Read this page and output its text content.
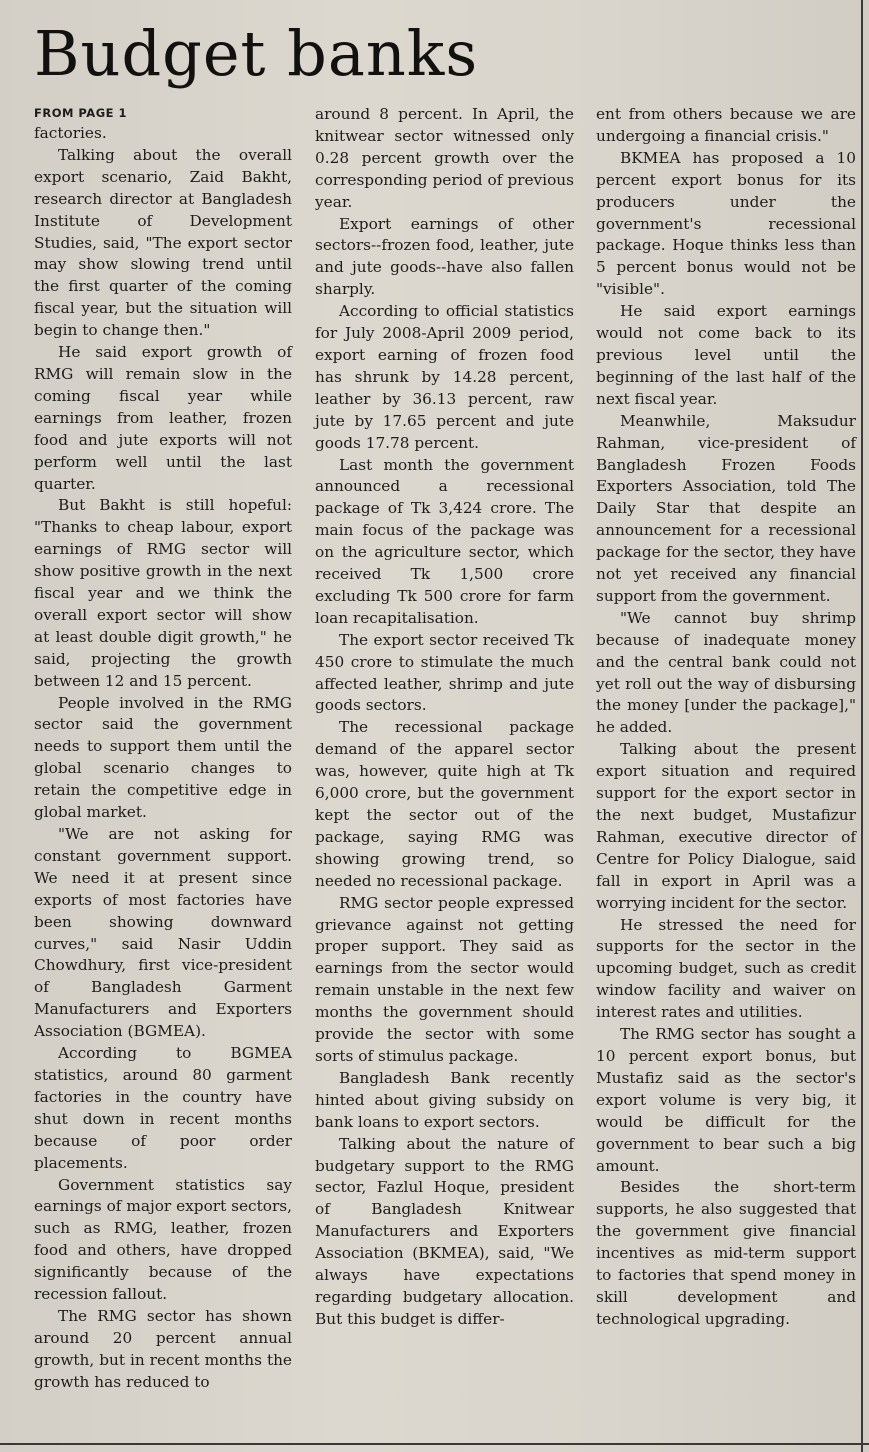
Budget banks
FROM PAGE 1

factories.

Talking about the overall export scenario, Zaid Bakht, research director at Bangladesh Institute of Development Studies, said, "The export sector may show slowing trend until the first quarter of the coming fiscal year, but the situation will begin to change then."

He said export growth of RMG will remain slow in the coming fiscal year while earnings from leather, frozen food and jute exports will not perform well until the last quarter.

But Bakht is still hopeful: "Thanks to cheap labour, export earnings of RMG sector will show positive growth in the next fiscal year and we think the overall export sector will show at least double digit growth," he said, projecting the growth between 12 and 15 percent.

People involved in the RMG sector said the government needs to support them until the global scenario changes to retain the competitive edge in global market.

"We are not asking for constant government support. We need it at present since exports of most factories have been showing downward curves," said Nasir Uddin Chowdhury, first vice-president of Bangladesh Garment Manufacturers and Exporters Association (BGMEA).

According to BGMEA statistics, around 80 garment factories in the country have shut down in recent months because of poor order placements.

Government statistics say earnings of major export sectors, such as RMG, leather, frozen food and others, have dropped significantly because of the recession fallout.

The RMG sector has shown around 20 percent annual growth, but in recent months the growth has reduced to

around 8 percent. In April, the knitwear sector witnessed only 0.28 percent growth over the corresponding period of previous year.

Export earnings of other sectors--frozen food, leather, jute and jute goods--have also fallen sharply.

According to official statistics for July 2008-April 2009 period, export earning of frozen food has shrunk by 14.28 percent, leather by 36.13 percent, raw jute by 17.65 percent and jute goods 17.78 percent.

Last month the government announced a recessional package of Tk 3,424 crore. The main focus of the package was on the agriculture sector, which received Tk 1,500 crore excluding Tk 500 crore for farm loan recapitalisation.

The export sector received Tk 450 crore to stimulate the much affected leather, shrimp and jute goods sectors.

The recessional package demand of the apparel sector was, however, quite high at Tk 6,000 crore, but the government kept the sector out of the package, saying RMG was showing growing trend, so needed no recessional package.

RMG sector people expressed grievance against not getting proper support. They said as earnings from the sector would remain unstable in the next few months the government should provide the sector with some sorts of stimulus package.

Bangladesh Bank recently hinted about giving subsidy on bank loans to export sectors.

Talking about the nature of budgetary support to the RMG sector, Fazlul Hoque, president of Bangladesh Knitwear Manufacturers and Exporters Association (BKMEA), said, "We always have expectations regarding budgetary allocation. But this budget is differ-

ent from others because we are undergoing a financial crisis."

BKMEA has proposed a 10 percent export bonus for its producers under the government's recessional package. Hoque thinks less than 5 percent bonus would not be "visible".

He said export earnings would not come back to its previous level until the beginning of the last half of the next fiscal year.

Meanwhile, Maksudur Rahman, vice-president of Bangladesh Frozen Foods Exporters Association, told The Daily Star that despite an announcement for a recessional package for the sector, they have not yet received any financial support from the government.

"We cannot buy shrimp because of inadequate money and the central bank could not yet roll out the way of disbursing the money [under the package]," he added.

Talking about the present export situation and required support for the export sector in the next budget, Mustafizur Rahman, executive director of Centre for Policy Dialogue, said fall in export in April was a worrying incident for the sector.

He stressed the need for supports for the sector in the upcoming budget, such as credit window facility and waiver on interest rates and utilities.

The RMG sector has sought a 10 percent export bonus, but Mustafiz said as the sector's export volume is very big, it would be difficult for the government to bear such a big amount.

Besides the short-term supports, he also suggested that the government give financial incentives as mid-term support to factories that spend money in skill development and technological upgrading.
